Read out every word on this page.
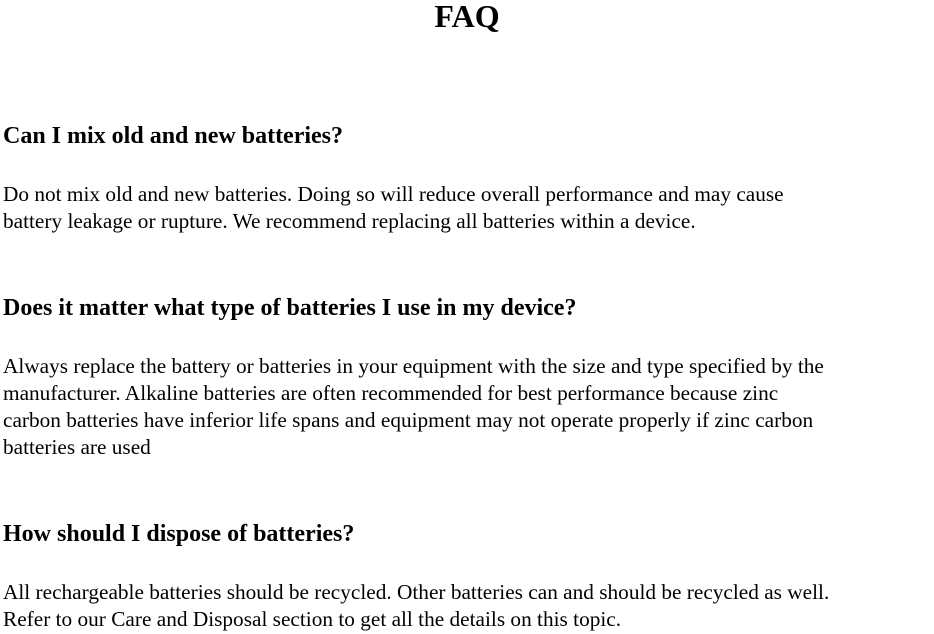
FAQ
Can I mix old and new batteries?

Do not mix old and new batteries. Doing so will reduce overall performance and may cause
battery leakage or rupture. We recommend replacing all batteries within a device.

Does it matter what type of batteries I use in my device?

Always replace the battery or batteries in your equipment with the size and type specified by the
manufacturer. Alkaline batteries are often recommended for best performance because zinc
carbon batteries have inferior life spans and equipment may not operate properly if zinc carbon
batteries are used

How should I dispose of batteries?

All rechargeable batteries should be recycled. Other batteries can and should be recycled as well.
Refer to our Care and Disposal section to get all the details on this topic.
